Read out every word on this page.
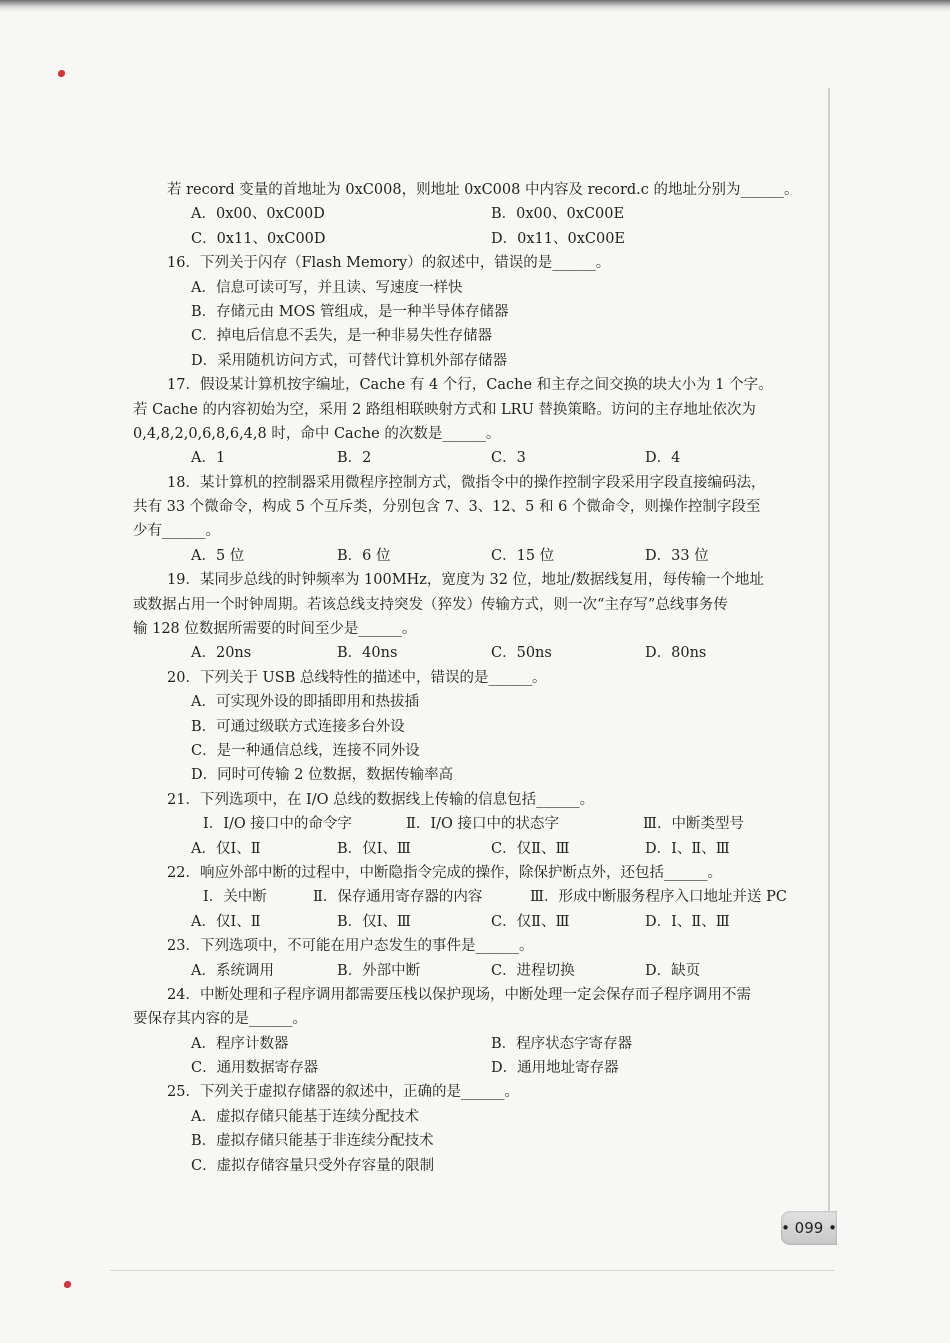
若 record 变量的首地址为 0xC008，则地址 0xC008 中内容及 record.c 的地址分别为______。
A．0x00、0xC00D	B．0x00、0xC00E
C．0x11、0xC00D	D．0x11、0xC00E
16．下列关于闪存（Flash Memory）的叙述中，错误的是______。
A．信息可读可写，并且读、写速度一样快
B．存储元由 MOS 管组成，是一种半导体存储器
C．掉电后信息不丢失，是一种非易失性存储器
D．采用随机访问方式，可替代计算机外部存储器
17．假设某计算机按字编址，Cache 有 4 个行，Cache 和主存之间交换的块大小为 1 个字。
若 Cache 的内容初始为空，采用 2 路组相联映射方式和 LRU 替换策略。访问的主存地址依次为
0,4,8,2,0,6,8,6,4,8 时，命中 Cache 的次数是______。
A．1	B．2	C．3	D．4
18．某计算机的控制器采用微程序控制方式，微指令中的操作控制字段采用字段直接编码法，
共有 33 个微命令，构成 5 个互斥类，分别包含 7、3、12、5 和 6 个微命令，则操作控制字段至
少有______。
A．5 位	B．6 位	C．15 位	D．33 位
19．某同步总线的时钟频率为 100MHz，宽度为 32 位，地址/数据线复用，每传输一个地址
或数据占用一个时钟周期。若该总线支持突发（猝发）传输方式，则一次“主存写”总线事务传
输 128 位数据所需要的时间至少是______。
A．20ns	B．40ns	C．50ns	D．80ns
20．下列关于 USB 总线特性的描述中，错误的是______。
A．可实现外设的即插即用和热拔插
B．可通过级联方式连接多台外设
C．是一种通信总线，连接不同外设
D．同时可传输 2 位数据，数据传输率高
21．下列选项中，在 I/O 总线的数据线上传输的信息包括______。
Ⅰ．I/O 接口中的命令字	Ⅱ．I/O 接口中的状态字	Ⅲ．中断类型号
A．仅Ⅰ、Ⅱ	B．仅Ⅰ、Ⅲ	C．仅Ⅱ、Ⅲ	D．Ⅰ、Ⅱ、Ⅲ
22．响应外部中断的过程中，中断隐指令完成的操作，除保护断点外，还包括______。
Ⅰ．关中断	Ⅱ．保存通用寄存器的内容	Ⅲ．形成中断服务程序入口地址并送 PC
A．仅Ⅰ、Ⅱ	B．仅Ⅰ、Ⅲ	C．仅Ⅱ、Ⅲ	D．Ⅰ、Ⅱ、Ⅲ
23．下列选项中，不可能在用户态发生的事件是______。
A．系统调用	B．外部中断	C．进程切换	D．缺页
24．中断处理和子程序调用都需要压栈以保护现场，中断处理一定会保存而子程序调用不需
要保存其内容的是______。
A．程序计数器	B．程序状态字寄存器
C．通用数据寄存器	D．通用地址寄存器
25．下列关于虚拟存储器的叙述中，正确的是______。
A．虚拟存储只能基于连续分配技术
B．虚拟存储只能基于非连续分配技术
C．虚拟存储容量只受外存容量的限制
• 099 •
